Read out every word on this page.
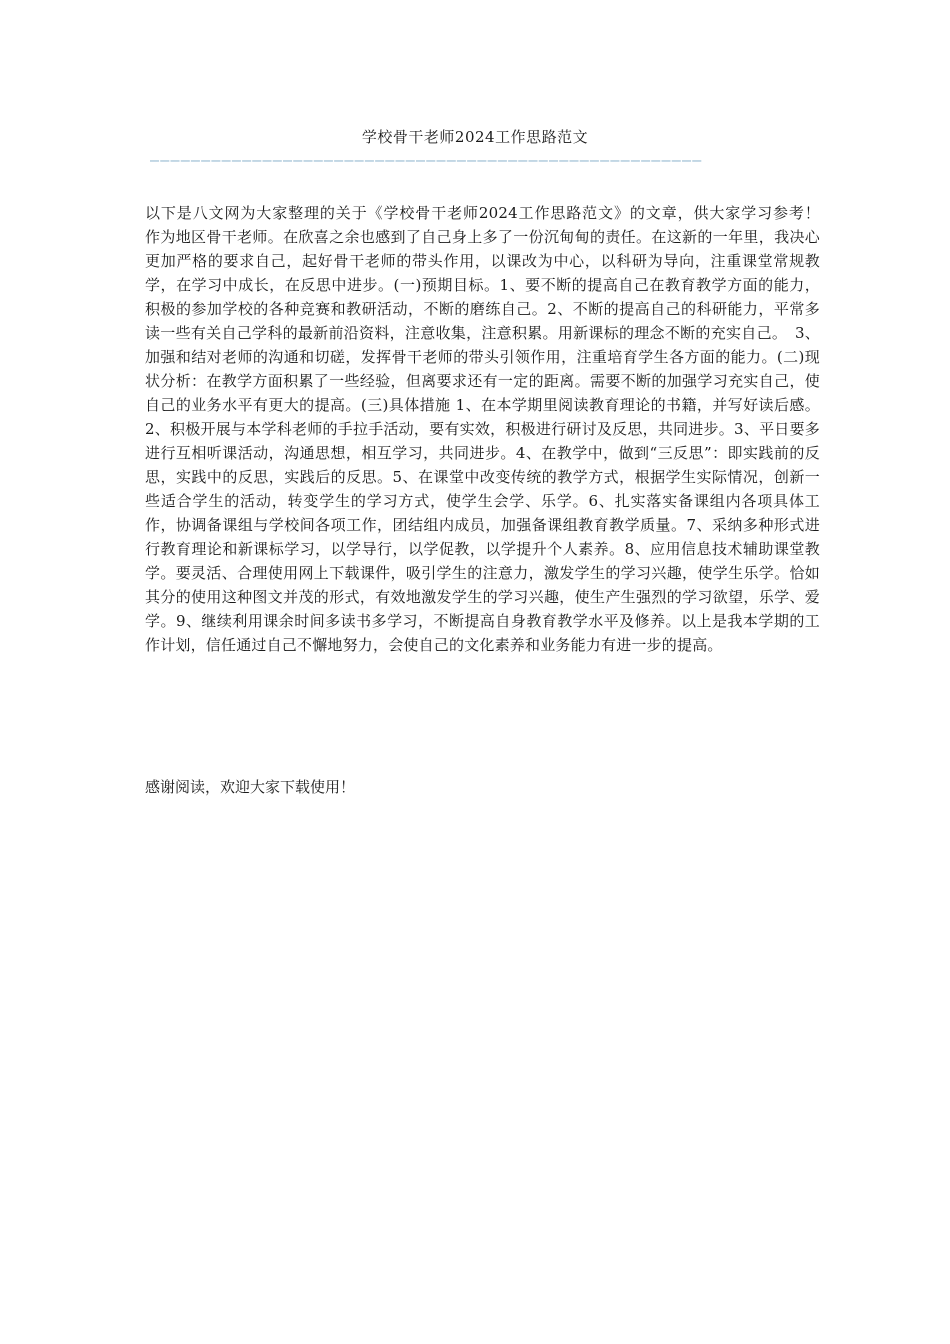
学校骨干老师2024工作思路范文
——————————————————————————————————————————————————————
以下是八文网为大家整理的关于《学校骨干老师2024工作思路范文》的文章，供大家学习参考！　　作为地区骨干老师。在欣喜之余也感到了自己身上多了一份沉甸甸的责任。在这新的一年里，我决心更加严格的要求自己，起好骨干老师的带头作用，以课改为中心，以科研为导向，注重课堂常规教学，在学习中成长，在反思中进步。(一)预期目标。1、要不断的提高自己在教育教学方面的能力，积极的参加学校的各种竞赛和教研活动，不断的磨练自己。2、不断的提高自己的科研能力，平常多读一些有关自己学科的最新前沿资料，注意收集，注意积累。用新课标的理念不断的充实自己。　3、加强和结对老师的沟通和切磋，发挥骨干老师的带头引领作用，注重培育学生各方面的能力。(二)现状分析：在教学方面积累了一些经验，但离要求还有一定的距离。需要不断的加强学习充实自己，使自己的业务水平有更大的提高。(三)具体措施 1、在本学期里阅读教育理论的书籍，并写好读后感。2、积极开展与本学科老师的手拉手活动，要有实效，积极进行研讨及反思，共同进步。3、平日要多进行互相听课活动，沟通思想，相互学习，共同进步。4、在教学中，做到“三反思”：即实践前的反思，实践中的反思，实践后的反思。5、在课堂中改变传统的教学方式，根据学生实际情况，创新一些适合学生的活动，转变学生的学习方式，使学生会学、乐学。6、扎实落实备课组内各项具体工作，协调备课组与学校间各项工作，团结组内成员，加强备课组教育教学质量。7、采纳多种形式进行教育理论和新课标学习，以学导行，以学促教，以学提升个人素养。8、应用信息技术辅助课堂教学。要灵活、合理使用网上下载课件，吸引学生的注意力，激发学生的学习兴趣，使学生乐学。恰如其分的使用这种图文并茂的形式，有效地激发学生的学习兴趣，使生产生强烈的学习欲望，乐学、爱学。9、继续利用课余时间多读书多学习，不断提高自身教育教学水平及修养。以上是我本学期的工作计划，信任通过自己不懈地努力，会使自己的文化素养和业务能力有进一步的提高。
感谢阅读，欢迎大家下载使用！
